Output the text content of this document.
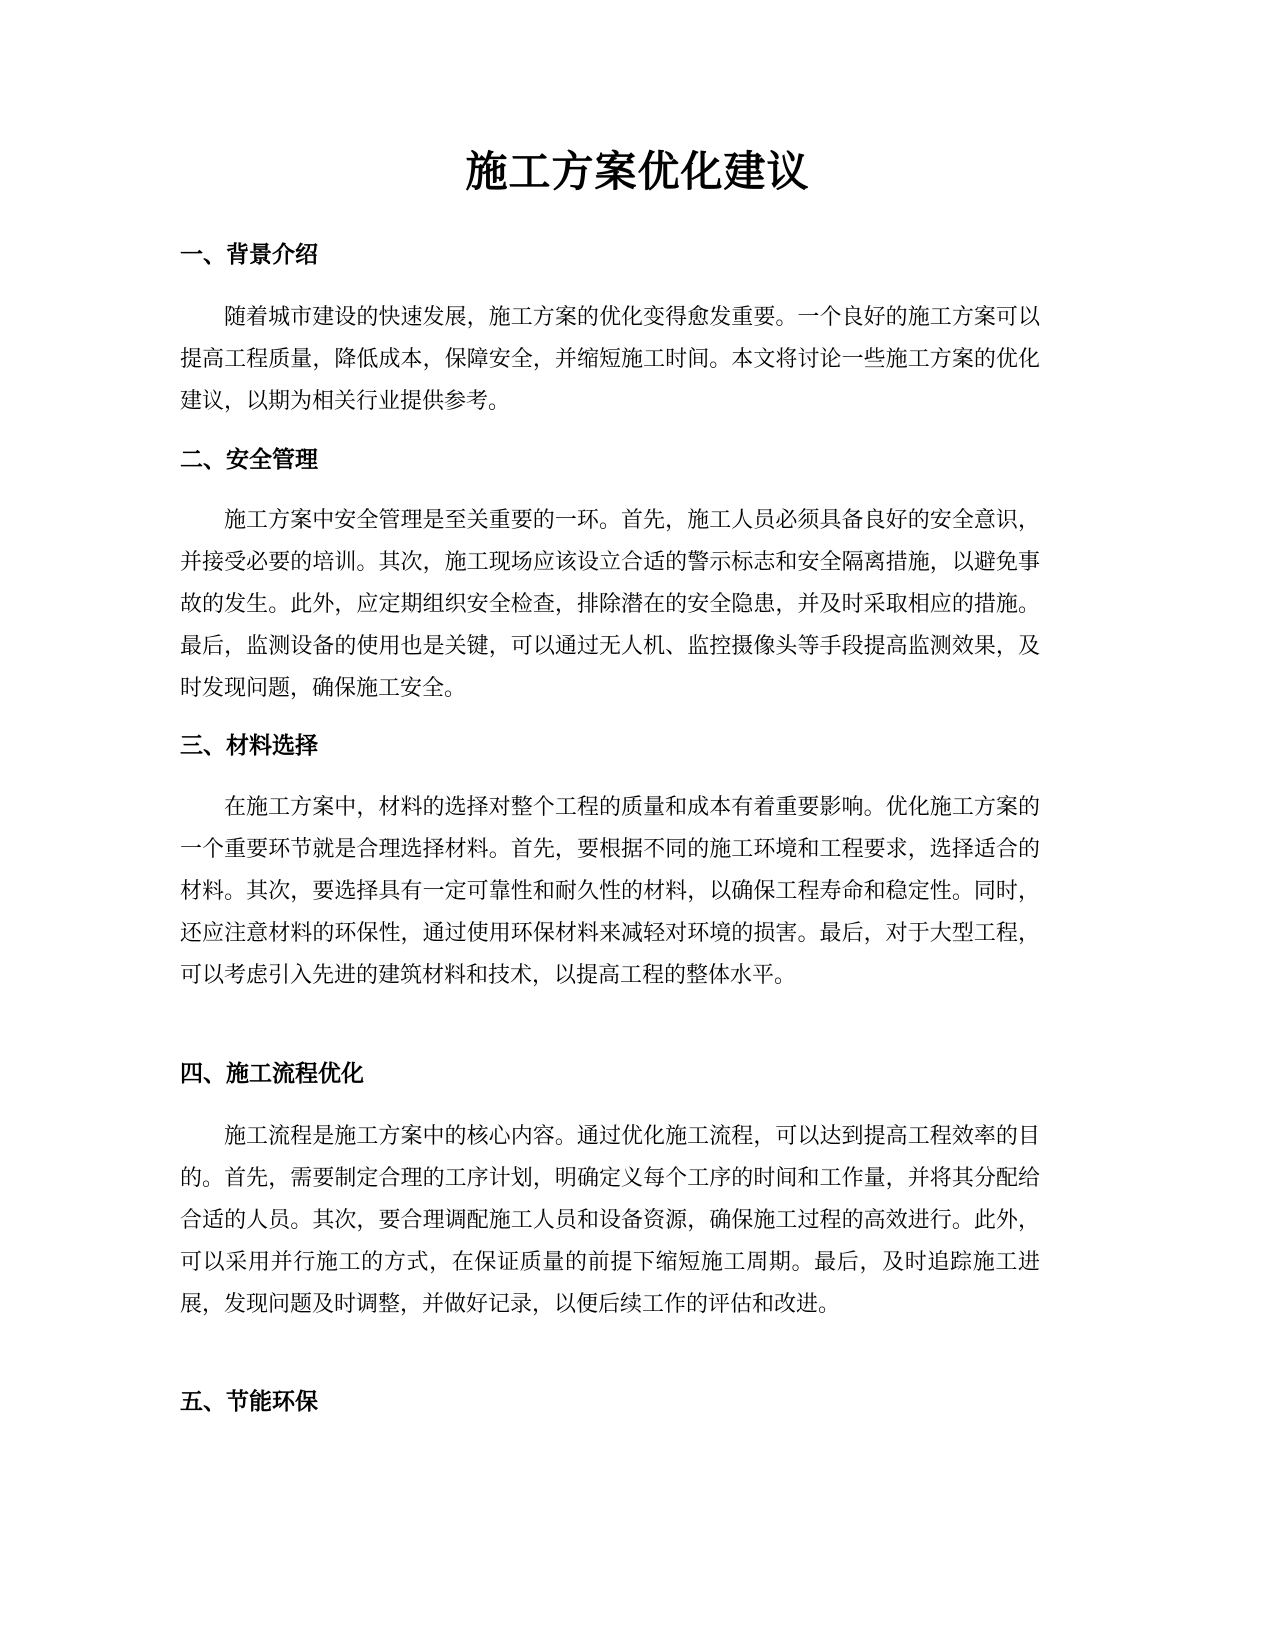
施工方案优化建议
一、背景介绍

随着城市建设的快速发展，施工方案的优化变得愈发重要。一个良好的施工方案可以提高工程质量，降低成本，保障安全，并缩短施工时间。本文将讨论一些施工方案的优化建议，以期为相关行业提供参考。

二、安全管理

施工方案中安全管理是至关重要的一环。首先，施工人员必须具备良好的安全意识，并接受必要的培训。其次，施工现场应该设立合适的警示标志和安全隔离措施，以避免事故的发生。此外，应定期组织安全检查，排除潜在的安全隐患，并及时采取相应的措施。最后，监测设备的使用也是关键，可以通过无人机、监控摄像头等手段提高监测效果，及时发现问题，确保施工安全。

三、材料选择

在施工方案中，材料的选择对整个工程的质量和成本有着重要影响。优化施工方案的一个重要环节就是合理选择材料。首先，要根据不同的施工环境和工程要求，选择适合的材料。其次，要选择具有一定可靠性和耐久性的材料，以确保工程寿命和稳定性。同时，还应注意材料的环保性，通过使用环保材料来减轻对环境的损害。最后，对于大型工程，可以考虑引入先进的建筑材料和技术，以提高工程的整体水平。

四、施工流程优化

施工流程是施工方案中的核心内容。通过优化施工流程，可以达到提高工程效率的目的。首先，需要制定合理的工序计划，明确定义每个工序的时间和工作量，并将其分配给合适的人员。其次，要合理调配施工人员和设备资源，确保施工过程的高效进行。此外，可以采用并行施工的方式，在保证质量的前提下缩短施工周期。最后，及时追踪施工进展，发现问题及时调整，并做好记录，以便后续工作的评估和改进。

五、节能环保
